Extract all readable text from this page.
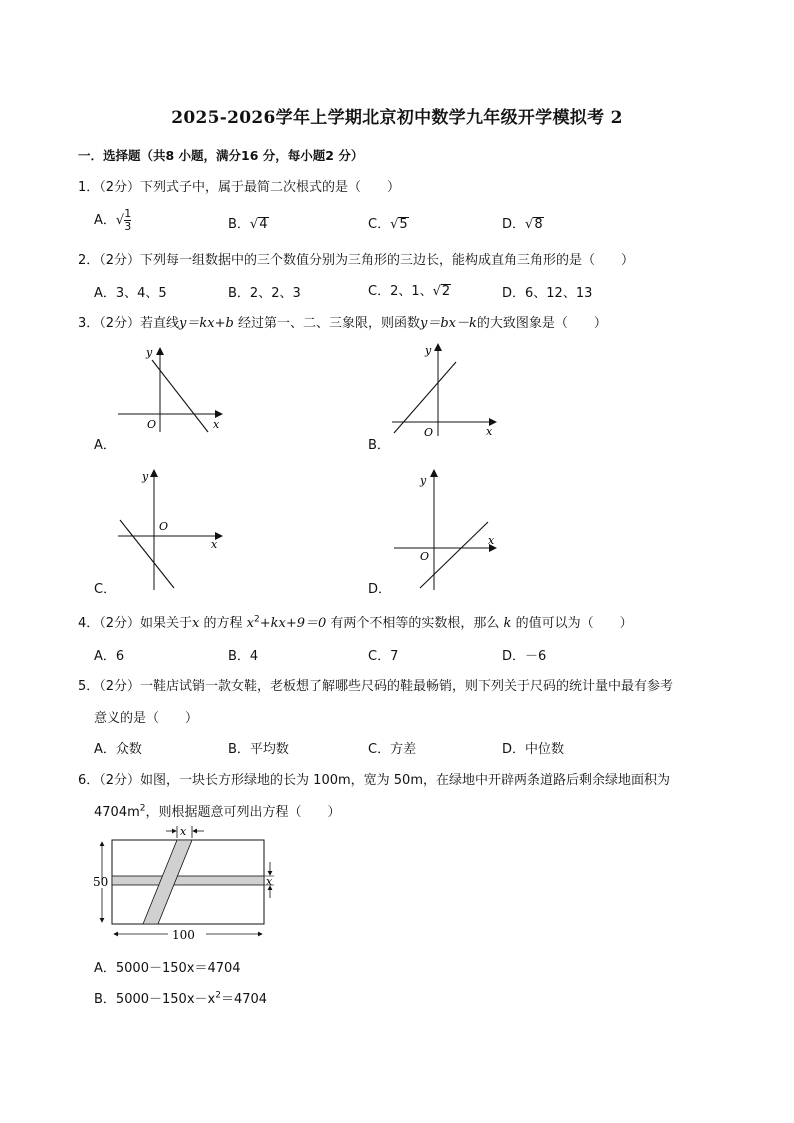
2025-2026学年上学期北京初中数学九年级开学模拟考 2
一．选择题（共8 小题，满分16 分，每小题2 分）
1．（2分）下列式子中，属于最简二次根式的是（　　）
A．√ $\frac{1}{3}$	B．√4	C．√5	D．√8
2．（2分）下列每一组数据中的三个数值分别为三角形的三边长，能构成直角三角形的是（　　）
A．3、4、5	B．2、2、3	C．2、1、√2	D．6、12、13
3．（2分）若直线y＝kx+b 经过第一、二、三象限，则函数y＝bx－k的大致图象是（　　）
A．	B．
C．	D．
y
x
O
y
x
O
y
x
O
y
x
O
4．（2分）如果关于x 的方程 $x^2+kx+9=0$ 有两个不相等的实数根，那么 k 的值可以为（　　）
A．6	B．4	C．7	D．－6
5．（2分）一鞋店试销一款女鞋，老板想了解哪些尺码的鞋最畅销，则下列关于尺码的统计量中最有参考
意义的是（　　）
A．众数	B．平均数	C．方差	D．中位数
6．（2分）如图，一块长方形绿地的长为 100m，宽为 50m，在绿地中开辟两条道路后剩余绿地面积为
$4704m^2$，则根据题意可列出方程（　　）
x
50	x
100
A．5000－150x＝4704
B．$5000-150x-x^2=4704$
